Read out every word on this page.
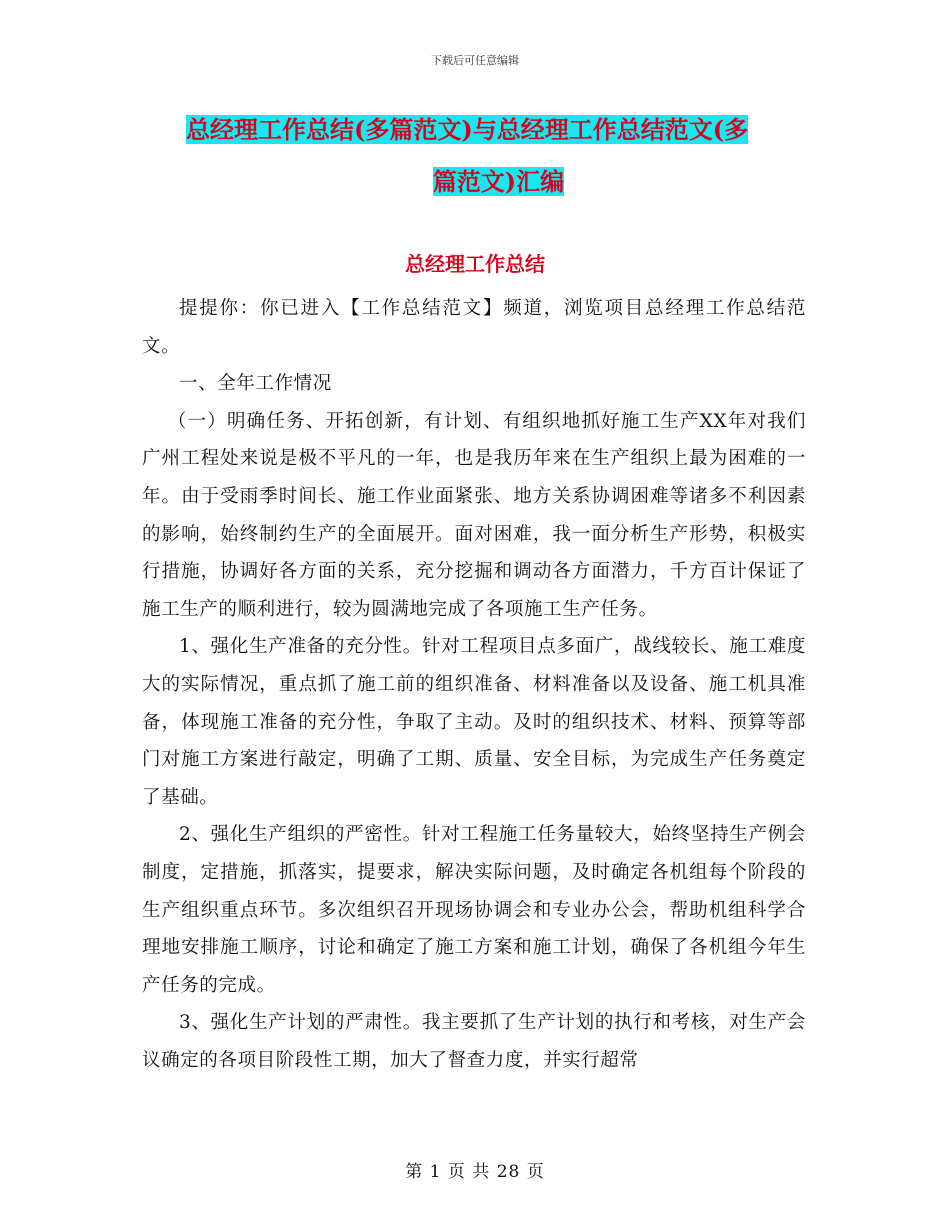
下载后可任意编辑
总经理工作总结(多篇范文)与总经理工作总结范文(多
篇范文)汇编
总经理工作总结

提提你：你已进入【工作总结范文】频道，浏览项目总经理工作总结范文。

一、全年工作情况

（一）明确任务、开拓创新，有计划、有组织地抓好施工生产XX年对我们广州工程处来说是极不平凡的一年，也是我历年来在生产组织上最为困难的一年。由于受雨季时间长、施工作业面紧张、地方关系协调困难等诸多不利因素的影响，始终制约生产的全面展开。面对困难，我一面分析生产形势，积极实行措施，协调好各方面的关系，充分挖掘和调动各方面潜力，千方百计保证了施工生产的顺利进行，较为圆满地完成了各项施工生产任务。

1、强化生产准备的充分性。针对工程项目点多面广，战线较长、施工难度大的实际情况，重点抓了施工前的组织准备、材料准备以及设备、施工机具准备，体现施工准备的充分性，争取了主动。及时的组织技术、材料、预算等部门对施工方案进行敲定，明确了工期、质量、安全目标，为完成生产任务奠定了基础。

2、强化生产组织的严密性。针对工程施工任务量较大，始终坚持生产例会制度，定措施，抓落实，提要求，解决实际问题，及时确定各机组每个阶段的生产组织重点环节。多次组织召开现场协调会和专业办公会，帮助机组科学合理地安排施工顺序，讨论和确定了施工方案和施工计划，确保了各机组今年生产任务的完成。

3、强化生产计划的严肃性。我主要抓了生产计划的执行和考核，对生产会议确定的各项目阶段性工期，加大了督查力度，并实行超常

第 1 页 共 28 页
